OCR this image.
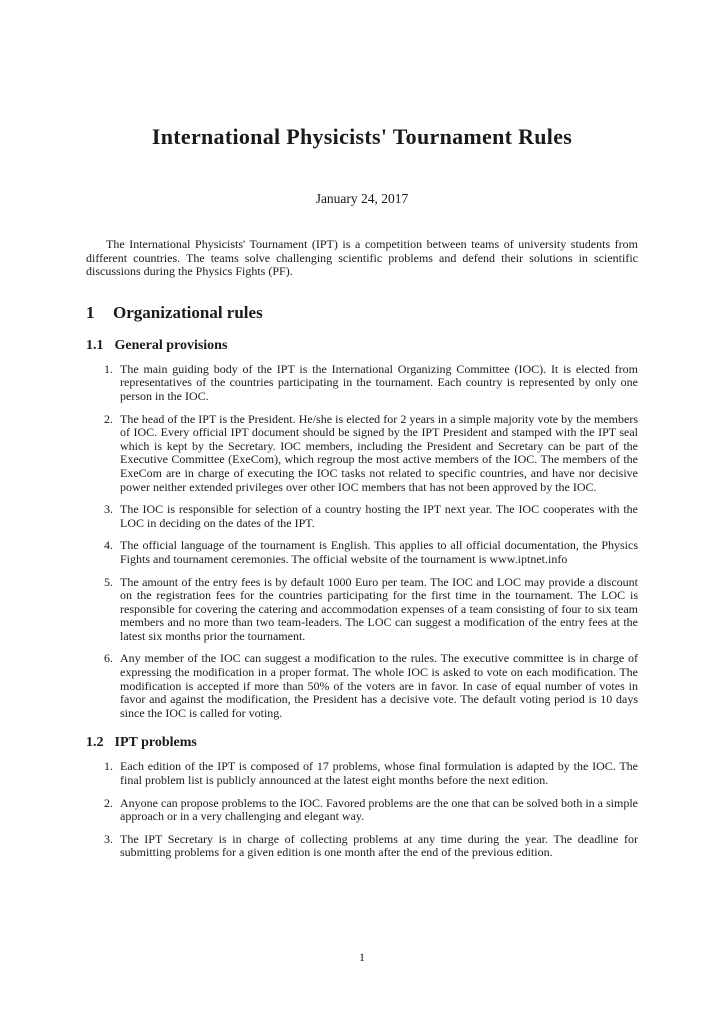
International Physicists' Tournament Rules
January 24, 2017

The International Physicists' Tournament (IPT) is a competition between teams of university students from different countries. The teams solve challenging scientific problems and defend their solutions in scientific discussions during the Physics Fights (PF).

1 Organizational rules
1.1 General provisions
1. The main guiding body of the IPT is the International Organizing Committee (IOC). It is elected from representatives of the countries participating in the tournament. Each country is represented by only one person in the IOC.
2. The head of the IPT is the President. He/she is elected for 2 years in a simple majority vote by the members of IOC. Every official IPT document should be signed by the IPT President and stamped with the IPT seal which is kept by the Secretary. IOC members, including the President and Secretary can be part of the Executive Committee (ExeCom), which regroup the most active members of the IOC. The members of the ExeCom are in charge of executing the IOC tasks not related to specific countries, and have nor decisive power neither extended privileges over other IOC members that has not been approved by the IOC.
3. The IOC is responsible for selection of a country hosting the IPT next year. The IOC cooperates with the LOC in deciding on the dates of the IPT.
4. The official language of the tournament is English. This applies to all official documentation, the Physics Fights and tournament ceremonies. The official website of the tournament is www.iptnet.info
5. The amount of the entry fees is by default 1000 Euro per team. The IOC and LOC may provide a discount on the registration fees for the countries participating for the first time in the tournament. The LOC is responsible for covering the catering and accommodation expenses of a team consisting of four to six team members and no more than two team-leaders. The LOC can suggest a modification of the entry fees at the latest six months prior the tournament.
6. Any member of the IOC can suggest a modification to the rules. The executive committee is in charge of expressing the modification in a proper format. The whole IOC is asked to vote on each modification. The modification is accepted if more than 50% of the voters are in favor. In case of equal number of votes in favor and against the modification, the President has a decisive vote. The default voting period is 10 days since the IOC is called for voting.
1.2 IPT problems
1. Each edition of the IPT is composed of 17 problems, whose final formulation is adapted by the IOC. The final problem list is publicly announced at the latest eight months before the next edition.
2. Anyone can propose problems to the IOC. Favored problems are the one that can be solved both in a simple approach or in a very challenging and elegant way.
3. The IPT Secretary is in charge of collecting problems at any time during the year. The deadline for submitting problems for a given edition is one month after the end of the previous edition.
1
